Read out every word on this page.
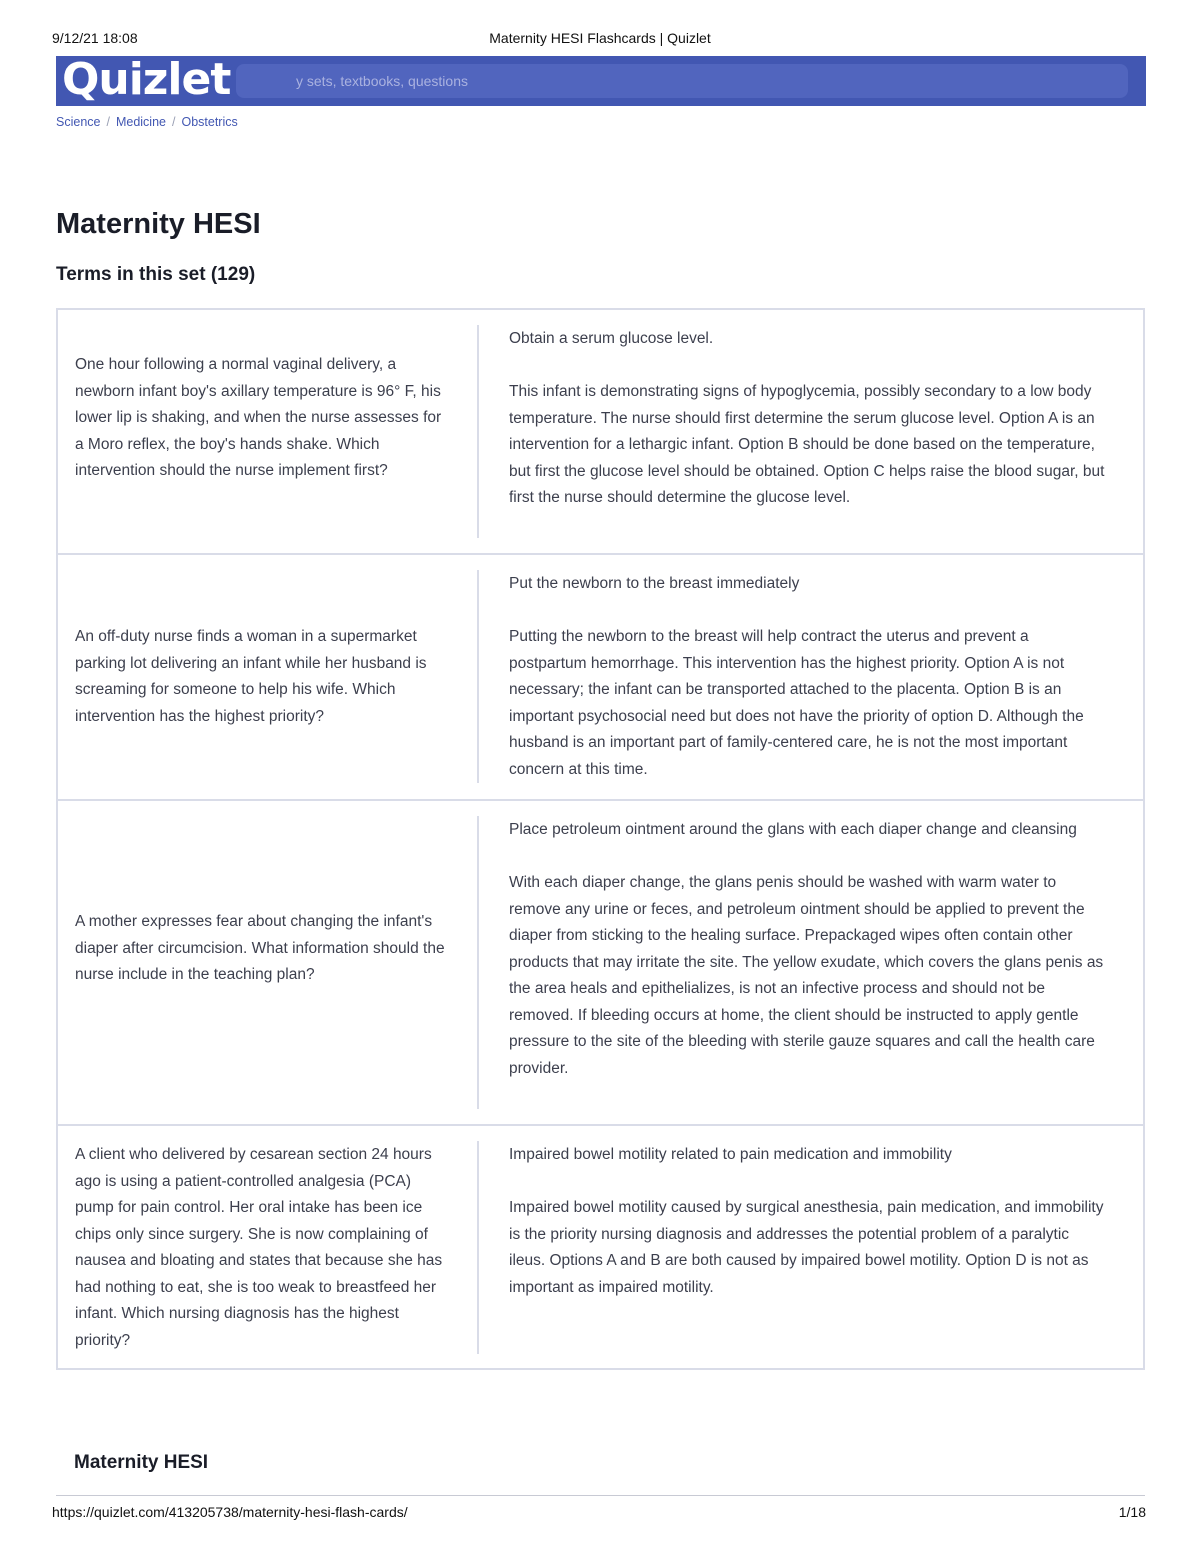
9/12/21 18:08	Maternity HESI Flashcards | Quizlet
y sets, textbooks, questions
Quizlet
Science / Medicine / Obstetrics
Maternity HESI
Terms in this set (129)
One hour following a normal vaginal delivery, a newborn infant boy's axillary temperature is 96° F, his lower lip is shaking, and when the nurse assesses for a Moro reflex, the boy's hands shake. Which intervention should the nurse implement first?
Obtain a serum glucose level.
This infant is demonstrating signs of hypoglycemia, possibly secondary to a low body temperature. The nurse should first determine the serum glucose level. Option A is an intervention for a lethargic infant. Option B should be done based on the temperature, but first the glucose level should be obtained. Option C helps raise the blood sugar, but first the nurse should determine the glucose level.
An off-duty nurse finds a woman in a supermarket parking lot delivering an infant while her husband is screaming for someone to help his wife. Which intervention has the highest priority?
Put the newborn to the breast immediately
Putting the newborn to the breast will help contract the uterus and prevent a postpartum hemorrhage. This intervention has the highest priority. Option A is not necessary; the infant can be transported attached to the placenta. Option B is an important psychosocial need but does not have the priority of option D. Although the husband is an important part of family-centered care, he is not the most important concern at this time.
A mother expresses fear about changing the infant's diaper after circumcision. What information should the nurse include in the teaching plan?
Place petroleum ointment around the glans with each diaper change and cleansing
With each diaper change, the glans penis should be washed with warm water to remove any urine or feces, and petroleum ointment should be applied to prevent the diaper from sticking to the healing surface. Prepackaged wipes often contain other products that may irritate the site. The yellow exudate, which covers the glans penis as the area heals and epithelializes, is not an infective process and should not be removed. If bleeding occurs at home, the client should be instructed to apply gentle pressure to the site of the bleeding with sterile gauze squares and call the health care provider.
A client who delivered by cesarean section 24 hours ago is using a patient-controlled analgesia (PCA) pump for pain control. Her oral intake has been ice chips only since surgery. She is now complaining of nausea and bloating and states that because she has had nothing to eat, she is too weak to breastfeed her infant. Which nursing diagnosis has the highest priority?
Impaired bowel motility related to pain medication and immobility
Impaired bowel motility caused by surgical anesthesia, pain medication, and immobility is the priority nursing diagnosis and addresses the potential problem of a paralytic ileus. Options A and B are both caused by impaired bowel motility. Option D is not as important as impaired motility.
Maternity HESI
https://quizlet.com/413205738/maternity-hesi-flash-cards/	1/18
